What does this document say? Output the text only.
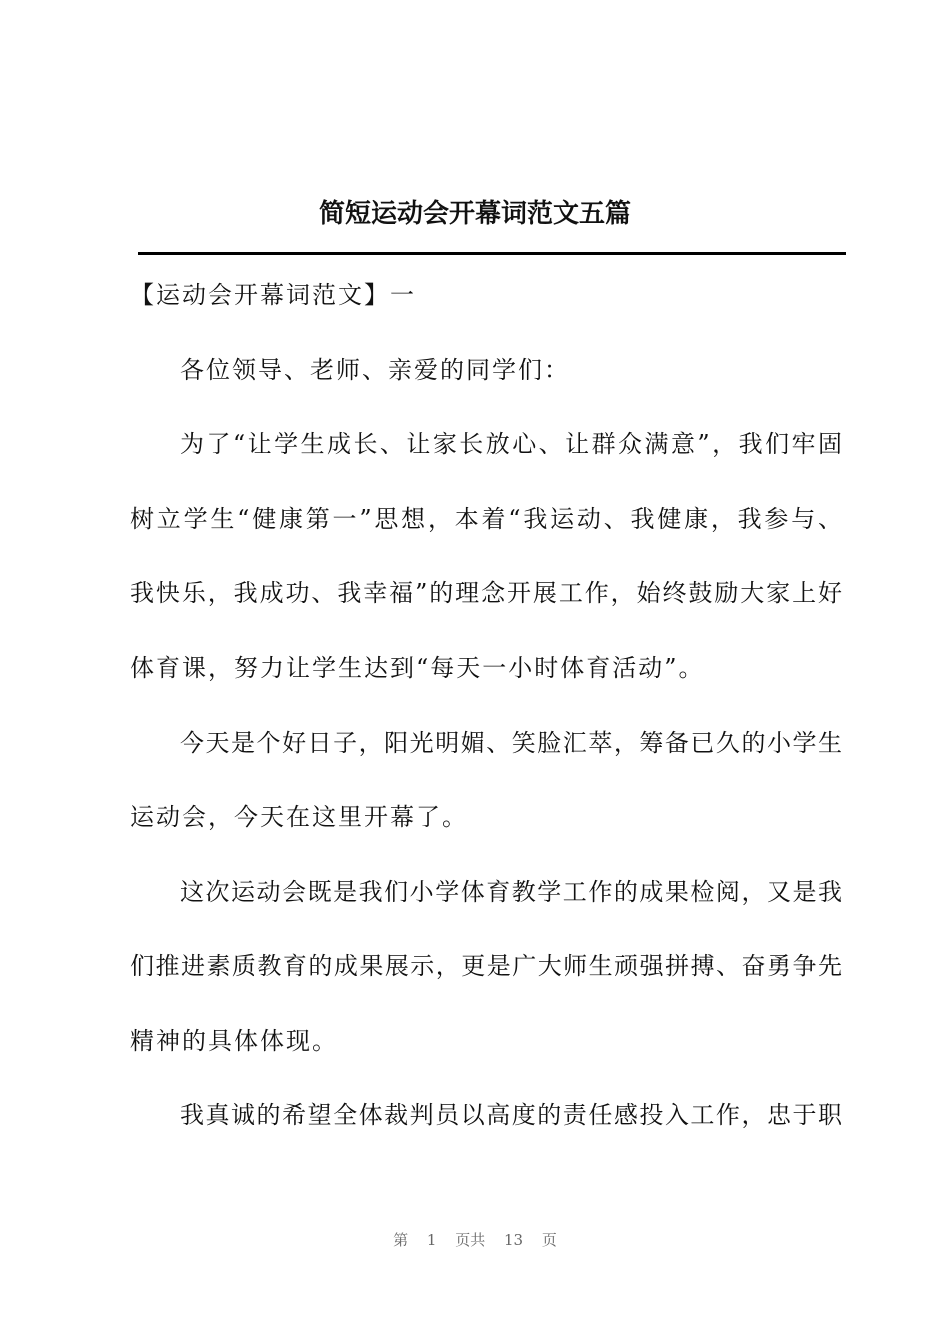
简短运动会开幕词范文五篇
【运动会开幕词范文】一
各位领导、老师、亲爱的同学们：
为了“让学生成长、让家长放心、让群众满意”，我们牢固
树立学生“健康第一”思想，本着“我运动、我健康，我参与、
我快乐，我成功、我幸福”的理念开展工作，始终鼓励大家上好
体育课，努力让学生达到“每天一小时体育活动”。
今天是个好日子，阳光明媚、笑脸汇萃，筹备已久的小学生
运动会，今天在这里开幕了。
这次运动会既是我们小学体育教学工作的成果检阅，又是我
们推进素质教育的成果展示，更是广大师生顽强拼搏、奋勇争先
精神的具体体现。
我真诚的希望全体裁判员以高度的责任感投入工作，忠于职
第 1 页共 13 页
